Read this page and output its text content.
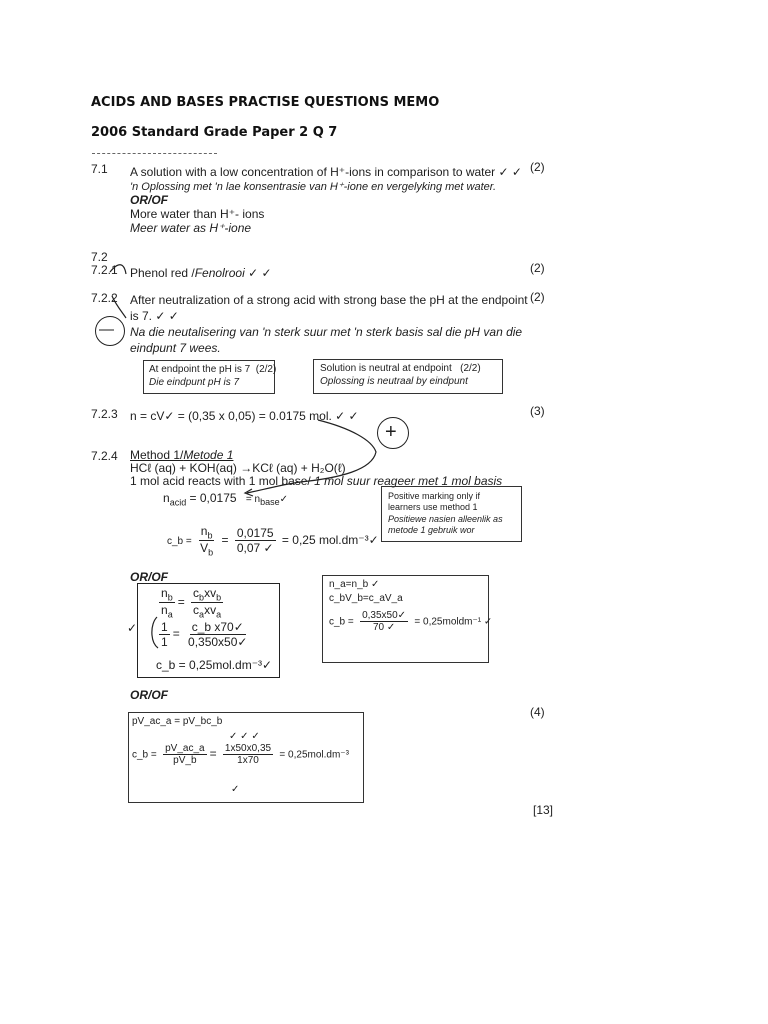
ACIDS AND BASES PRACTISE QUESTIONS MEMO
2006 Standard Grade Paper 2 Q 7
7.1 A solution with a low concentration of H⁺-ions in comparison to water ✓ ✓ (2)
'n Oplossing met 'n lae konsentrasie van H⁺-ione en vergelyking met water.
OR/OF
More water than H⁺- ions
Meer water as H⁺-ione
7.2
7.2.1 Phenol red /Fenolrooi ✓ ✓	(2)
7.2.2 After neutralization of a strong acid with strong base the pH at the endpoint (2)
is 7. ✓ ✓
Na die neutalisering van 'n sterk suur met 'n sterk basis sal die pH van die
eindpunt 7 wees.
—
At endpoint the pH is 7 (2/2)
Die eindpunt pH is 7
Solution is neutral at endpoint (2/2)
Oplossing is neutraal by eindpunt
7.2.3 n = cV✓ = (0,35 x 0,05) = 0.0175 mol. ✓ ✓	(3)
+
7.2.4 Method 1/Metode 1
HCℓ (aq) + KOH(aq) →KCℓ (aq) + H₂O(ℓ)
1 mol acid reacts with 1 mol base/ 1 mol suur reageer met 1 mol basis
$n_{acid} = 0,0175$ = $n_{base}✓$
c_b = $\frac{n_b}{V_b} = \frac{0,0175}{0,07 ✓} = 0,25$ mol.dm⁻³✓
Positive marking only if
learners use method 1
Positiewe nasien alleenlik as
metode 1 gebruik wor
OR/OF
$\frac{n_b}{n_a} = \frac{c_bxv_b}{c_axv_a}$
$\frac{1}{1} = \frac{\text{c\_b x70✓}}{0,350x50✓}$
c_b = 0,25mol.dm⁻³✓
✓
n_a=n_b ✓
c_bV_b=c_aV_a
c_b = $\frac{0,35x50✓}{70 ✓}$ = 0,25moldm⁻¹ ✓
OR/OF
pV_ac_a = pV_bc_b
✓ ✓ ✓
c_b = $\frac{pV\_ac\_a}{pV\_b} = \frac{1x50x0,35}{1x70} = 0,25mol.dm^{-3}$
✓
(4)
[13]
